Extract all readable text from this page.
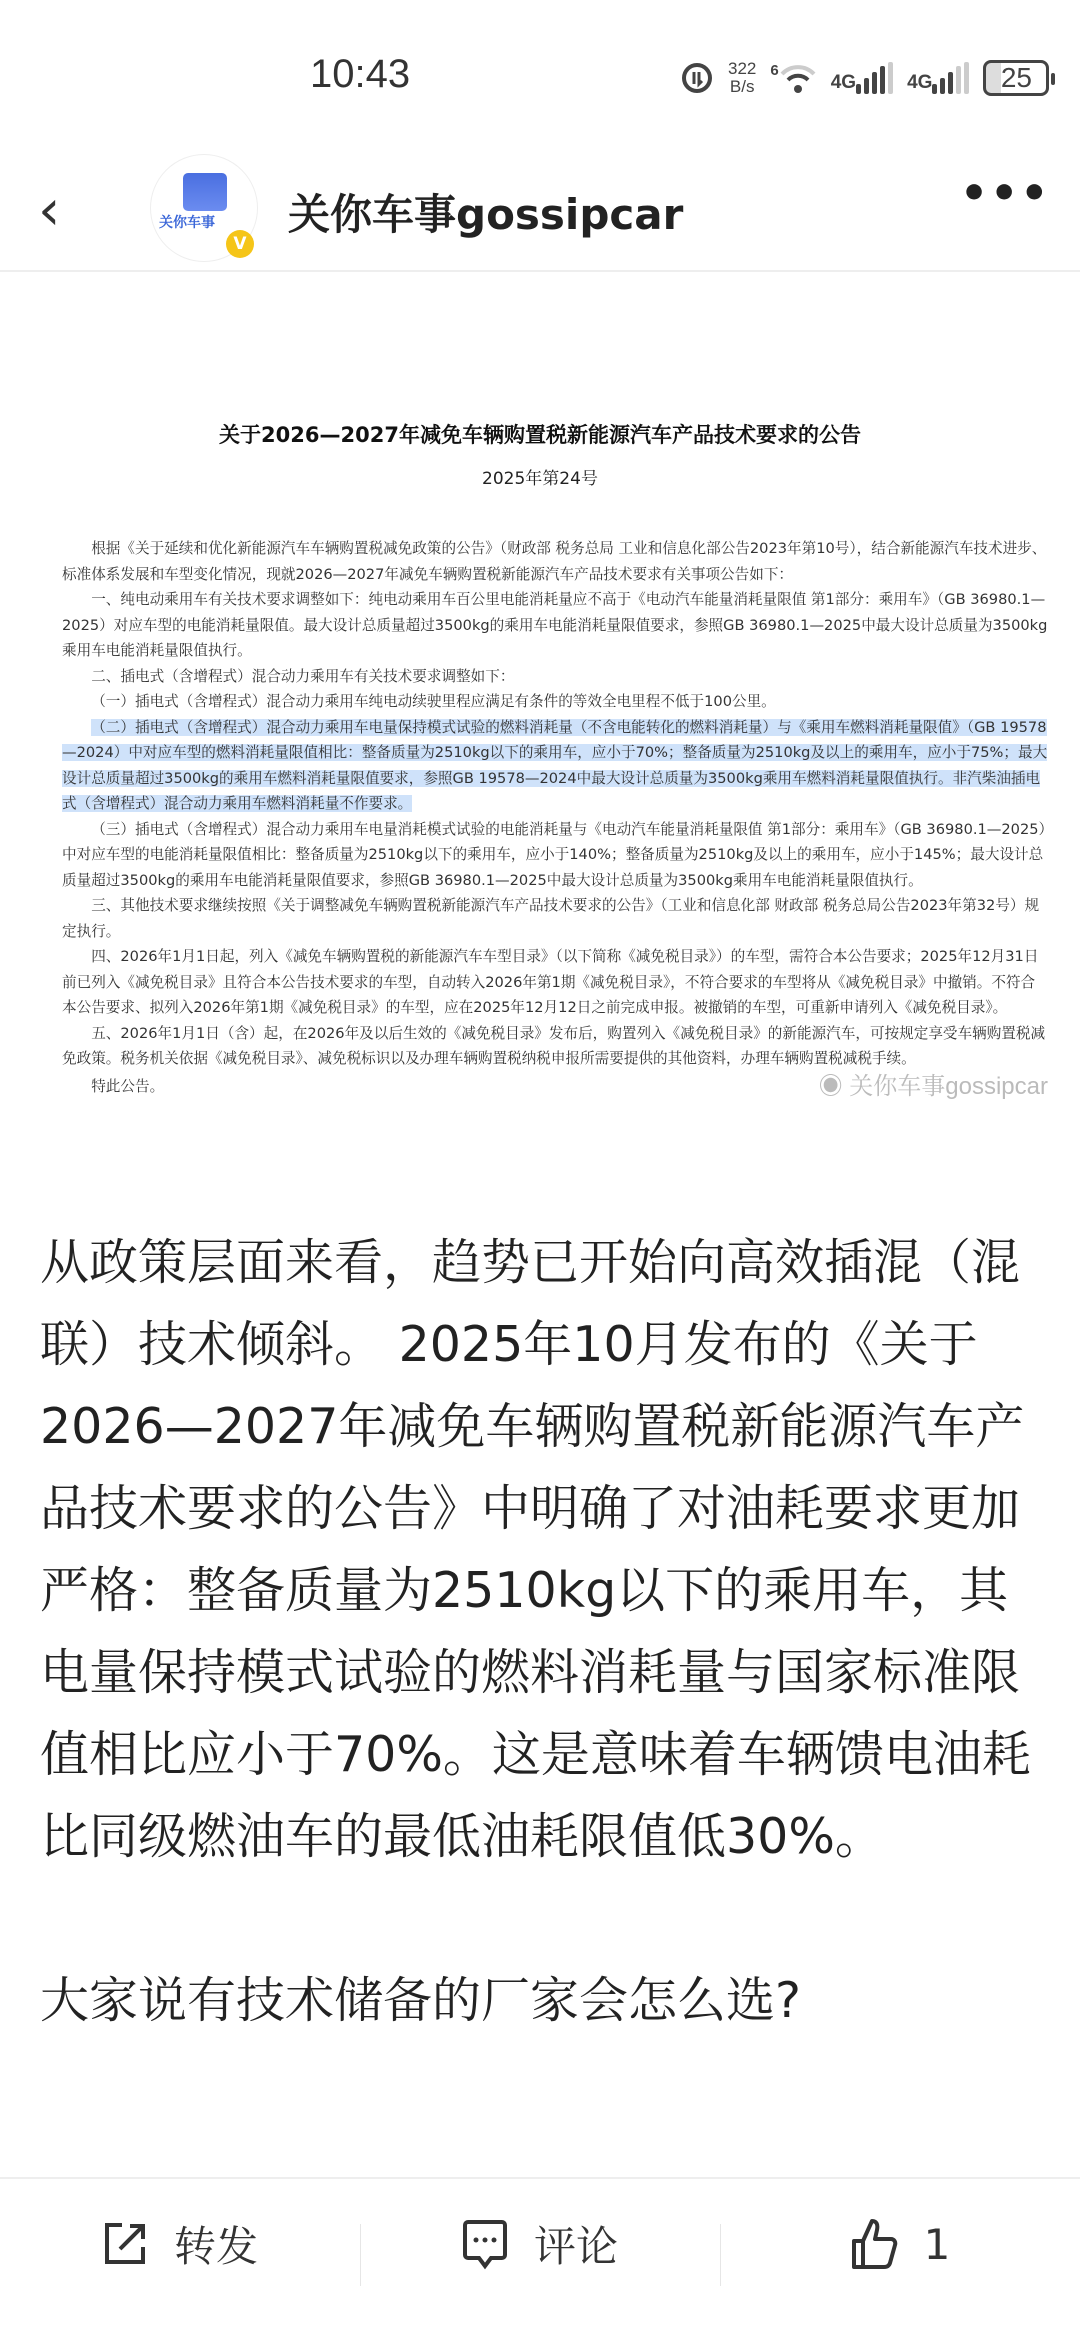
10:43	322
B/s
6
4G	4G	25
‹	关你车事
V
关你车事gossipcar	•••
关于2026—2027年减免车辆购置税新能源汽车产品技术要求的公告
2025年第24号

根据《关于延续和优化新能源汽车车辆购置税减免政策的公告》（财政部 税务总局 工业和信息化部公告2023年第10号），结合新能源汽车技术进步、标准体系发展和车型变化情况，现就2026—2027年减免车辆购置税新能源汽车产品技术要求有关事项公告如下：

一、纯电动乘用车有关技术要求调整如下：纯电动乘用车百公里电能消耗量应不高于《电动汽车能量消耗量限值 第1部分：乘用车》（GB 36980.1—2025）对应车型的电能消耗量限值。最大设计总质量超过3500kg的乘用车电能消耗量限值要求，参照GB 36980.1—2025中最大设计总质量为3500kg乘用车电能消耗量限值执行。

二、插电式（含增程式）混合动力乘用车有关技术要求调整如下：

（一）插电式（含增程式）混合动力乘用车纯电动续驶里程应满足有条件的等效全电里程不低于100公里。

（二）插电式（含增程式）混合动力乘用车电量保持模式试验的燃料消耗量（不含电能转化的燃料消耗量）与《乘用车燃料消耗量限值》（GB 19578—2024）中对应车型的燃料消耗量限值相比：整备质量为2510kg以下的乘用车，应小于70%；整备质量为2510kg及以上的乘用车，应小于75%；最大设计总质量超过3500kg的乘用车燃料消耗量限值要求，参照GB 19578—2024中最大设计总质量为3500kg乘用车燃料消耗量限值执行。非汽柴油插电式（含增程式）混合动力乘用车燃料消耗量不作要求。

（三）插电式（含增程式）混合动力乘用车电量消耗模式试验的电能消耗量与《电动汽车能量消耗量限值 第1部分：乘用车》（GB 36980.1—2025）中对应车型的电能消耗量限值相比：整备质量为2510kg以下的乘用车，应小于140%；整备质量为2510kg及以上的乘用车，应小于145%；最大设计总质量超过3500kg的乘用车电能消耗量限值要求，参照GB 36980.1—2025中最大设计总质量为3500kg乘用车电能消耗量限值执行。

三、其他技术要求继续按照《关于调整减免车辆购置税新能源汽车产品技术要求的公告》（工业和信息化部 财政部 税务总局公告2023年第32号）规定执行。

四、2026年1月1日起，列入《减免车辆购置税的新能源汽车车型目录》（以下简称《减免税目录》）的车型，需符合本公告要求；2025年12月31日前已列入《减免税目录》且符合本公告技术要求的车型，自动转入2026年第1期《减免税目录》，不符合要求的车型将从《减免税目录》中撤销。不符合本公告要求、拟列入2026年第1期《减免税目录》的车型，应在2025年12月12日之前完成申报。被撤销的车型，可重新申请列入《减免税目录》。

五、2026年1月1日（含）起，在2026年及以后生效的《减免税目录》发布后，购置列入《减免税目录》的新能源汽车，可按规定享受车辆购置税减免政策。税务机关依据《减免税目录》、减免税标识以及办理车辆购置税纳税申报所需要提供的其他资料，办理车辆购置税减税手续。

特此公告。	◉ 关你车事gossipcar

从政策层面来看，趋势已开始向高效插混（混联）技术倾斜。 2025年10月发布的《关于2026—2027年减免车辆购置税新能源汽车产品技术要求的公告》中明确了对油耗要求更加严格：整备质量为2510kg以下的乘用车，其电量保持模式试验的燃料消耗量与国家标准限值相比应小于70%。这是意味着车辆馈电油耗比同级燃油车的最低油耗限值低30%。

大家说有技术储备的厂家会怎么选?

转发	评论	1
